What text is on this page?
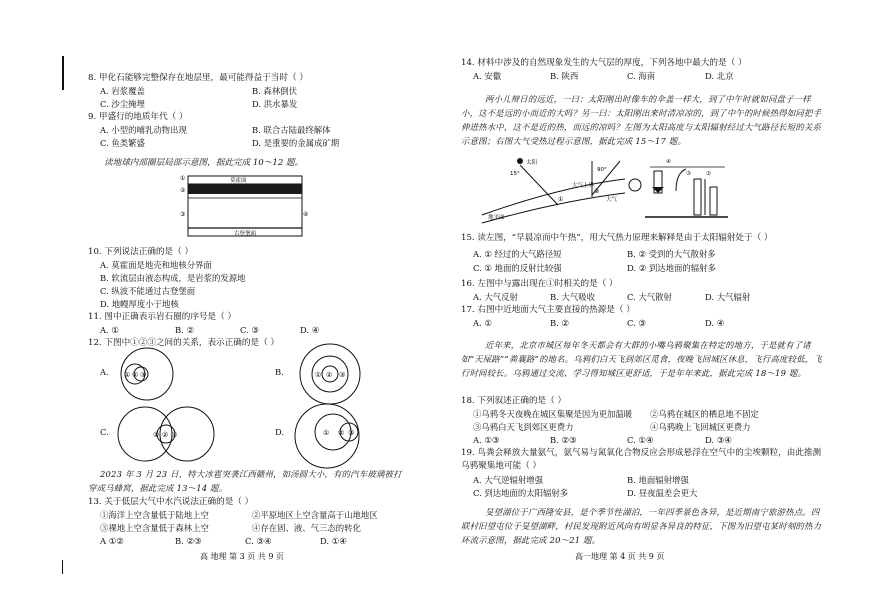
8. 甲化石能够完整保存在地层里，最可能得益于当时（ ）
A. 岩浆覆盖	B. 森林倒伏
C. 沙尘掩埋	D. 洪水暴发
9. 甲盛行的地质年代（ ）
A. 小型的哺乳动物出现	B. 联合古陆最终解体
C. 鱼类繁盛	D. 是重要的金属成矿期
读地球内部圈层局部示意图，据此完成 10～12 题。
莫霍面
古登堡面
①
②
③	④
10. 下列说法正确的是（ ）
A. 莫霍面是地壳和地核分界面
B. 软流层由液态构成，是岩浆的发源地
C. 纵波不能通过古登堡面
D. 地幔厚度小于地核
11. 图中正确表示岩石圈的序号是（ ）
A. ①	B. ②	C. ③	D. ④
12. 下图中①②③之间的关系，表示正确的是（ ）
A. ① ② ③	B.	① ② ③
C.	① ② ③	D.	① ② ③
2023 年 3 月 23 日，特大冰雹突袭江西赣州，如汤圆大小，有的汽车玻璃被打穿成马蜂窝，据此完成 13～14 题。
13. 关于低层大气中水汽说法正确的是（ ）
①海洋上空含量低于陆地上空	②平原地区上空含量高于山地地区
③裸地上空含量低于森林上空	④存在固、液、气三态的转化
A ①②	B. ②③	C. ③④	D. ①④
高 地理 第 3 页 共 9 页
14. 材料中涉及的自然现象发生的大气层的厚度，下列各地中最大的是（ ）
A. 安徽	B. 陕西	C. 海南	D. 北京
两小儿辩日的远近，一曰：太阳刚出时像车的伞盖一样大，到了中午时就如同盘子一样小，这不是远的小而近的大吗？另一曰：太阳刚出来时清凉凉的，到了中午的时候热得如同把手伸进热水中，这不是近的热，而远的凉吗？左图为太阳高度与太阳辐射经过大气路径长短的关系示意图；右图大气受热过程示意图，据此完成 15～17 题。
太阳
15°
90°
大气上界
大气
地平面
①
②
④
③	②
15. 读左图，“早晨凉而中午热”，用大气热力原理来解释是由于太阳辐射处于（ ）
A. ① 经过的大气路径短	B. ② 受到的大气散射多
C. ① 地面的反射比较强	D. ② 到达地面的辐射多
16. 左图中与露出现在①时相关的是（ ）
A. 大气反射	B. 大气吸收	C. 大气散射	D. 大气辐射
17. 右图中近地面大气主要直接的热源是（ ）
A. ①	B. ②	C. ③	D. ④
近年来，北京市城区每年冬天都会有大群的小嘴乌鸦聚集在特定的地方，于是就有了诸如“天屎路”“粪襄路”的地名。乌鸦们白天飞到郊区觅食，夜晚飞回城区休息，飞行高度较低，飞行时间较长。乌鸦通过交流、学习得知城区更舒适，于是年年来此，据此完成 18～19 题。
18. 下列叙述正确的是（ ）
①乌鸦冬天夜晚在城区集聚是因为更加温暖 ②乌鸦在城区的栖息地不固定
③乌鸦白天飞到郊区更费力	④乌鸦晚上飞回城区更费力
A. ①③	B. ②③	C. ①④	D. ③④
19. 鸟粪会释放大量氨气，氨气易与氮氧化合物反应会形成悬浮在空气中的尘埃颗粒，由此推测乌鸦聚集地可能（ ）
A. 大气逆辐射增强	B. 地面辐射增强
C. 到达地面的太阳辐射多	D. 昼夜温差会更大
旻望湖位于广西隆安县，是个季节性湖泊，一年四季景色各异，是近期南宁旅游热点。四联村旧望屯位于旻望湖畔，村民发现附近风向有明显各异良的特征，下图为旧望屯某时刻的热力环流示意图，据此完成 20～21 题。
高一地理 第 4 页 共 9 页
